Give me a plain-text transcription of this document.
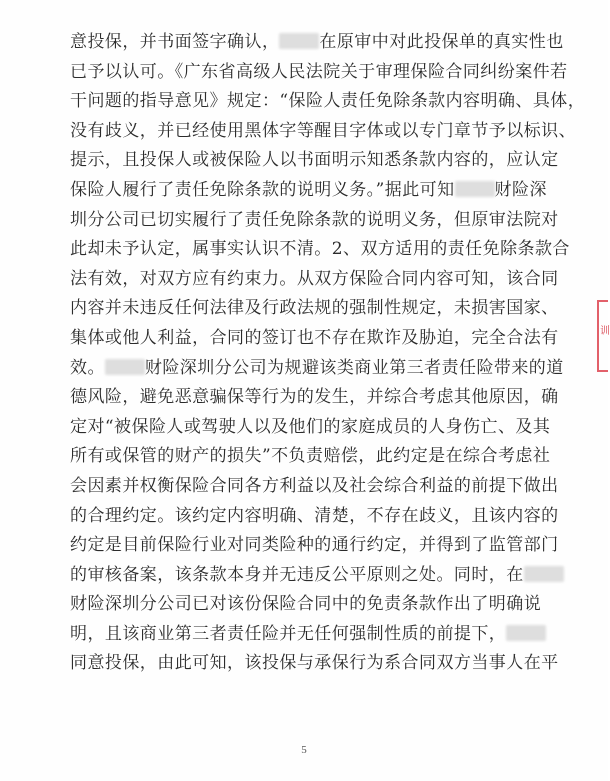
意投保，并书面签字确认， 在原审中对此投保单的真实性也
已予以认可。《广东省高级人民法院关于审理保险合同纠纷案件若
干问题的指导意见》规定：“保险人责任免除条款内容明确、具体，
没有歧义，并已经使用黑体字等醒目字体或以专门章节予以标识、
提示，且投保人或被保险人以书面明示知悉条款内容的，应认定
保险人履行了责任免除条款的说明义务。”据此可知 财险深
圳分公司已切实履行了责任免除条款的说明义务，但原审法院对
此却未予认定，属事实认识不清。2、双方适用的责任免除条款合
法有效，对双方应有约束力。从双方保险合同内容可知，该合同
内容并未违反任何法律及行政法规的强制性规定，未损害国家、
集体或他人利益，合同的签订也不存在欺诈及胁迫，完全合法有
效。 财险深圳分公司为规避该类商业第三者责任险带来的道
德风险，避免恶意骗保等行为的发生，并综合考虑其他原因，确
定对“被保险人或驾驶人以及他们的家庭成员的人身伤亡、及其
所有或保管的财产的损失”不负责赔偿，此约定是在综合考虑社
会因素并权衡保险合同各方利益以及社会综合利益的前提下做出
的合理约定。该约定内容明确、清楚，不存在歧义，且该内容的
约定是目前保险行业对同类险种的通行约定，并得到了监管部门
的审核备案，该条款本身并无违反公平原则之处。同时，在
财险深圳分公司已对该份保险合同中的免责条款作出了明确说
明，且该商业第三者责任险并无任何强制性质的前提下，
同意投保，由此可知，该投保与承保行为系合同双方当事人在平
5
训
